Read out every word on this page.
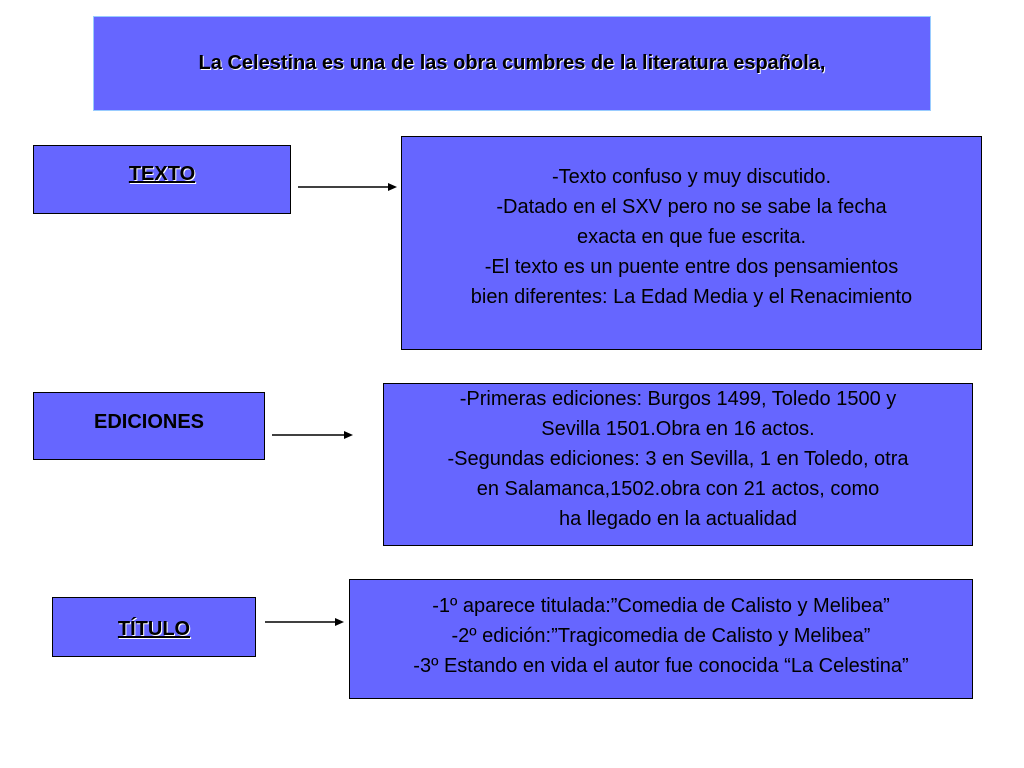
La Celestina es una de las obra cumbres de la literatura española,
TEXTO	-Texto confuso y muy discutido.
-Datado en el SXV pero no se sabe la fecha
exacta en que fue escrita.
-El texto es un puente entre dos pensamientos
bien diferentes: La Edad Media y el Renacimiento
EDICIONES
-Primeras ediciones: Burgos 1499, Toledo 1500 y
Sevilla 1501.Obra en 16 actos.
-Segundas ediciones: 3 en Sevilla, 1 en Toledo, otra
en Salamanca,1502.obra con 21 actos, como
ha llegado en la actualidad
TÍTULO
-1º aparece titulada:”Comedia de Calisto y Melibea”
-2º edición:”Tragicomedia de Calisto y Melibea”
-3º Estando en vida el autor fue conocida “La Celestina”
